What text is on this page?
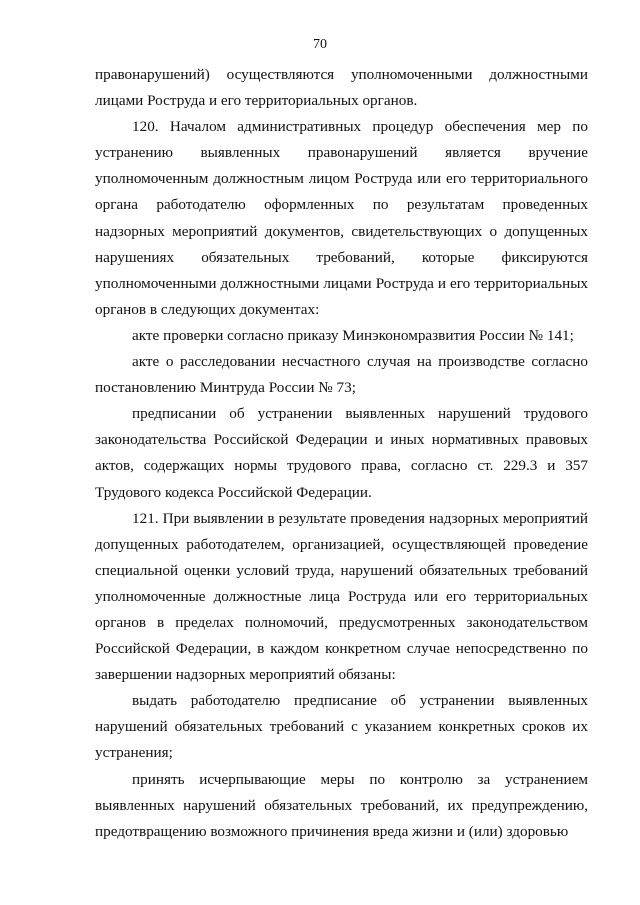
70

правонарушений) осуществляются уполномоченными должностными лицами Роструда и его территориальных органов.

120. Началом административных процедур обеспечения мер по устранению выявленных правонарушений является вручение уполномоченным должностным лицом Роструда или его территориального органа работодателю оформленных по результатам проведенных надзорных мероприятий документов, свидетельствующих о допущенных нарушениях обязательных требований, которые фиксируются уполномоченными должностными лицами Роструда и его территориальных органов в следующих документах:

акте проверки согласно приказу Минэкономразвития России № 141;

акте о расследовании несчастного случая на производстве согласно постановлению Минтруда России № 73;

предписании об устранении выявленных нарушений трудового законодательства Российской Федерации и иных нормативных правовых актов, содержащих нормы трудового права, согласно ст. 229.3 и 357 Трудового кодекса Российской Федерации.

121. При выявлении в результате проведения надзорных мероприятий допущенных работодателем, организацией, осуществляющей проведение специальной оценки условий труда, нарушений обязательных требований уполномоченные должностные лица Роструда или его территориальных органов в пределах полномочий, предусмотренных законодательством Российской Федерации, в каждом конкретном случае непосредственно по завершении надзорных мероприятий обязаны:

выдать работодателю предписание об устранении выявленных нарушений обязательных требований с указанием конкретных сроков их устранения;

принять исчерпывающие меры по контролю за устранением выявленных нарушений обязательных требований, их предупреждению, предотвращению возможного причинения вреда жизни и (или) здоровью
